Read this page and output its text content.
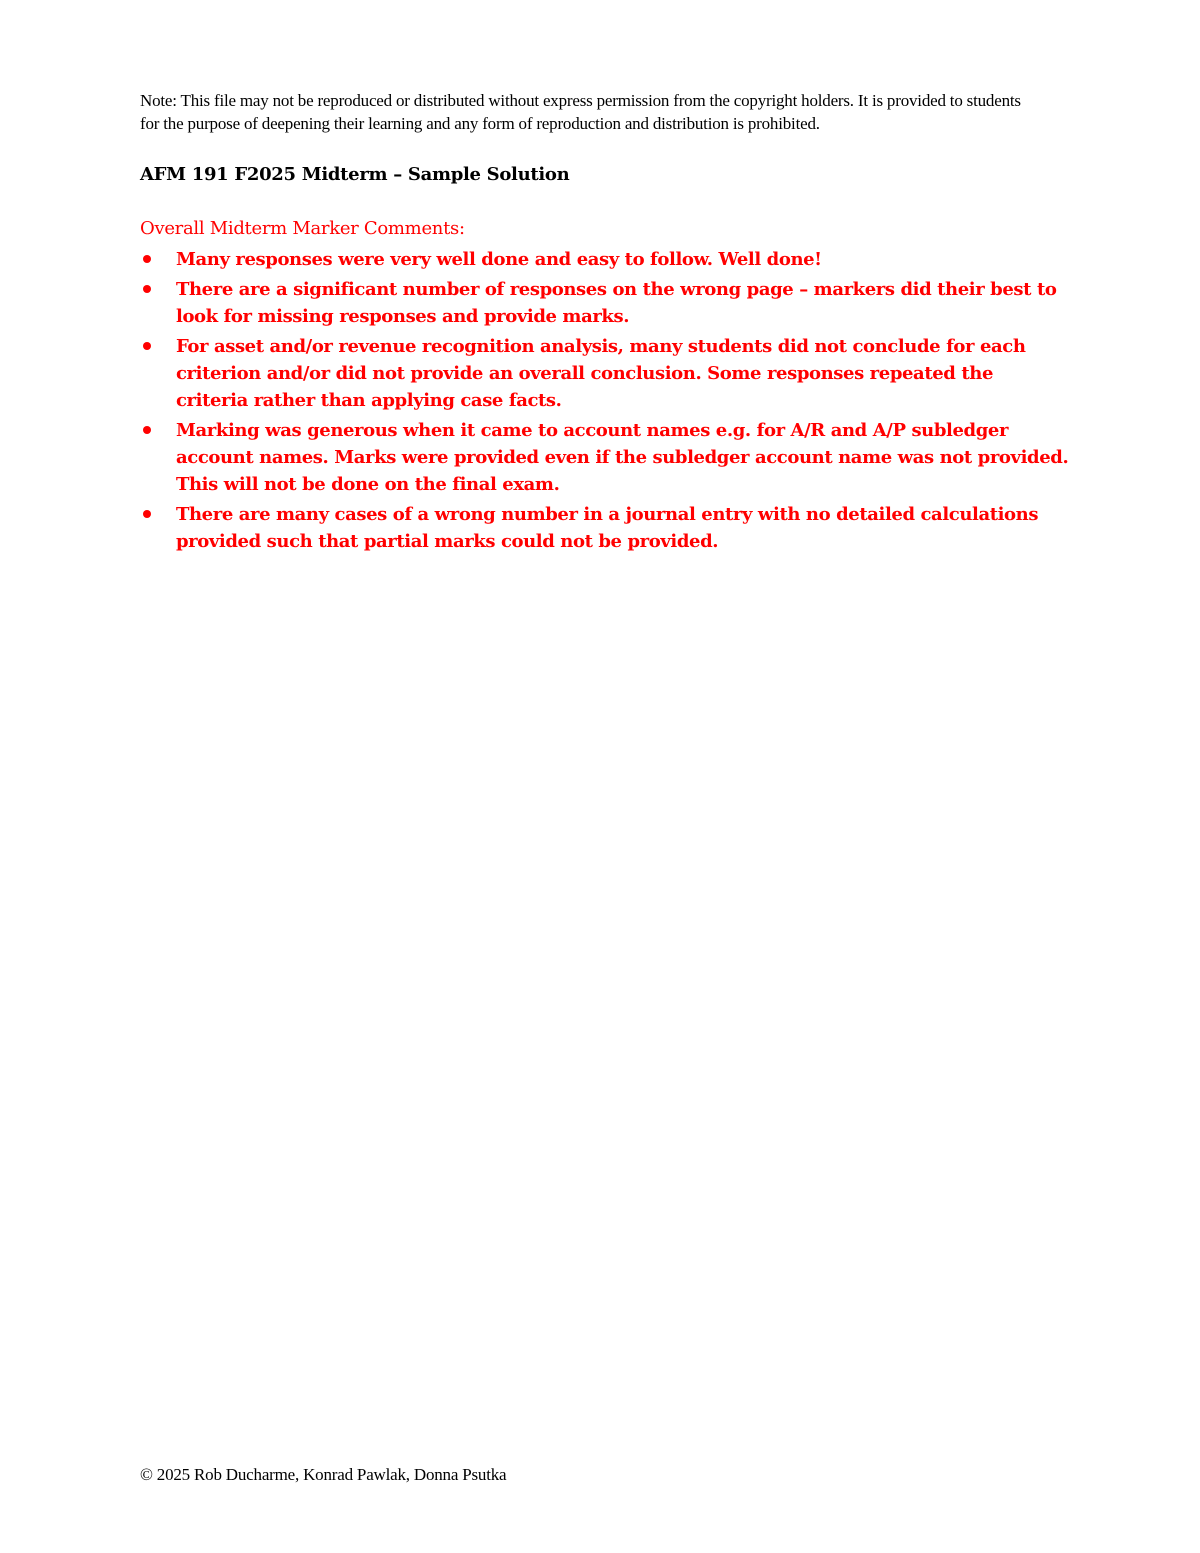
Note: This file may not be reproduced or distributed without express permission from the copyright holders. It is provided to students for the purpose of deepening their learning and any form of reproduction and distribution is prohibited.

AFM 191 F2025 Midterm – Sample Solution
Overall Midterm Marker Comments:
Many responses were very well done and easy to follow. Well done!
There are a significant number of responses on the wrong page – markers did their best to look for missing responses and provide marks.
For asset and/or revenue recognition analysis, many students did not conclude for each criterion and/or did not provide an overall conclusion. Some responses repeated the criteria rather than applying case facts.
Marking was generous when it came to account names e.g. for A/R and A/P subledger account names. Marks were provided even if the subledger account name was not provided. This will not be done on the final exam.
There are many cases of a wrong number in a journal entry with no detailed calculations provided such that partial marks could not be provided.
© 2025 Rob Ducharme, Konrad Pawlak, Donna Psutka
